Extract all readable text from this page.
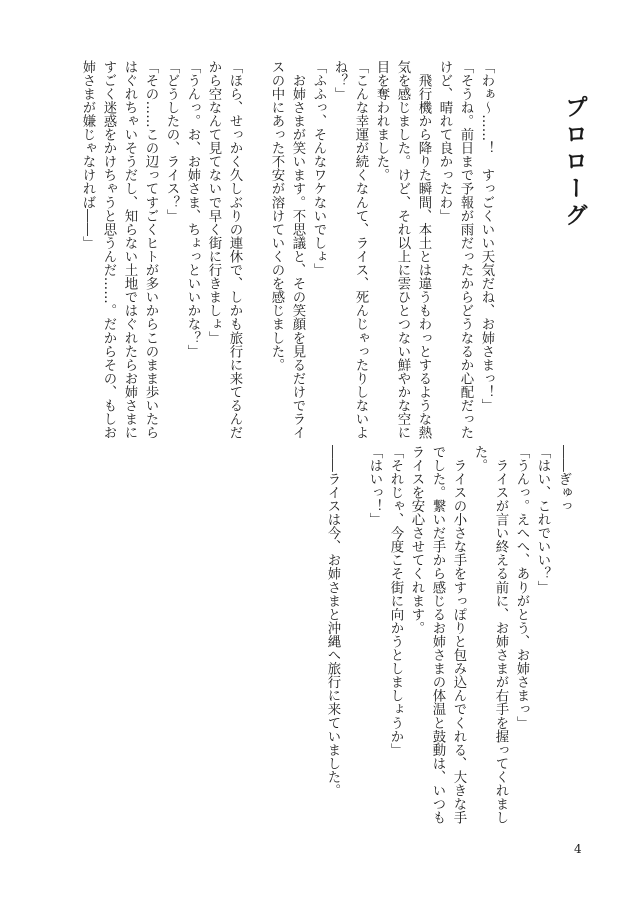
プロローグ
「わぁ〜……！　すっごくいい天気だね、お姉さまっ！」
「そうね。前日まで予報が雨だったからどうなるか心配だった
けど、晴れて良かったわ」
　飛行機から降りた瞬間、本土とは違うもわっとするような熱
気を感じました。けど、それ以上に雲ひとつない鮮やかな空に
目を奪われました。
「こんな幸運が続くなんて、ライス、死んじゃったりしないよ
ね？」
「ふふっ、そんなワケないでしょ」
　お姉さまが笑います。不思議と、その笑顔を見るだけでライ
スの中にあった不安が溶けていくのを感じました。
「ほら、せっかく久しぶりの連休で、しかも旅行に来てるんだ
から空なんて見てないで早く街に行きましょ」
「うんっ。お、お姉さま、ちょっといいかな？」
「どうしたの、ライス？」
「その……この辺ってすごくヒトが多いからこのまま歩いたら
はぐれちゃいそうだし、知らない土地ではぐれたらお姉さまに
すごく迷惑をかけちゃうと思うんだ……。だからその、もしお
姉さまが嫌じゃなければ――」
――ぎゅっ
「はい、これでいい？」
「うんっ。えへへ、ありがとう、お姉さまっ」
　ライスが言い終える前に、お姉さまが右手を握ってくれまし
た。
　ライスの小さな手をすっぽりと包み込んでくれる、大きな手
でした。繋いだ手から感じるお姉さまの体温と鼓動は、いつも
ライスを安心させてくれます。
「それじゃ、今度こそ街に向かうとしましょうか」
「はいっ！」
――ライスは今、お姉さまと沖縄へ旅行に来ていました。
4
